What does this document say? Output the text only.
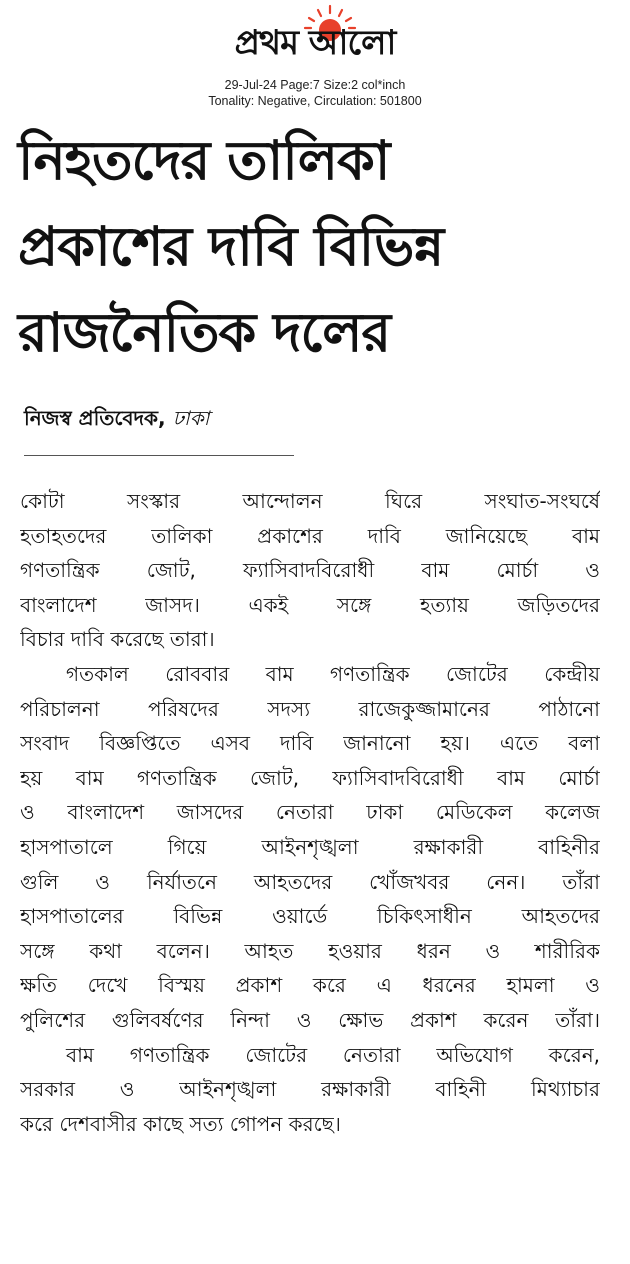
প্রথম আলো
29-Jul-24 Page:7 Size:2 col*inch
Tonality: Negative, Circulation: 501800
নিহতদের তালিকা
প্রকাশের দাবি বিভিন্ন
রাজনৈতিক দলের
নিজস্ব প্রতিবেদক, ঢাকা
কোটা সংস্কার আন্দোলন ঘিরে সংঘাত-সংঘর্ষে
হতাহতদের তালিকা প্রকাশের দাবি জানিয়েছে বাম
গণতান্ত্রিক জোট, ফ্যাসিবাদবিরোধী বাম মোর্চা ও
বাংলাদেশ জাসদ। একই সঙ্গে হত্যায় জড়িতদের
বিচার দাবি করেছে তারা।
গতকাল রোববার বাম গণতান্ত্রিক জোটের কেন্দ্রীয়
পরিচালনা পরিষদের সদস্য রাজেকুজ্জামানের পাঠানো
সংবাদ বিজ্ঞপ্তিতে এসব দাবি জানানো হয়। এতে বলা
হয় বাম গণতান্ত্রিক জোট, ফ্যাসিবাদবিরোধী বাম মোর্চা
ও বাংলাদেশ জাসদের নেতারা ঢাকা মেডিকেল কলেজ
হাসপাতালে গিয়ে আইনশৃঙ্খলা রক্ষাকারী বাহিনীর
গুলি ও নির্যাতনে আহতদের খোঁজখবর নেন। তাঁরা
হাসপাতালের বিভিন্ন ওয়ার্ডে চিকিৎসাধীন আহতদের
সঙ্গে কথা বলেন। আহত হওয়ার ধরন ও শারীরিক
ক্ষতি দেখে বিস্ময় প্রকাশ করে এ ধরনের হামলা ও
পুলিশের গুলিবর্ষণের নিন্দা ও ক্ষোভ প্রকাশ করেন তাঁরা।
বাম গণতান্ত্রিক জোটের নেতারা অভিযোগ করেন,
সরকার ও আইনশৃঙ্খলা রক্ষাকারী বাহিনী মিথ্যাচার
করে দেশবাসীর কাছে সত্য গোপন করছে।
